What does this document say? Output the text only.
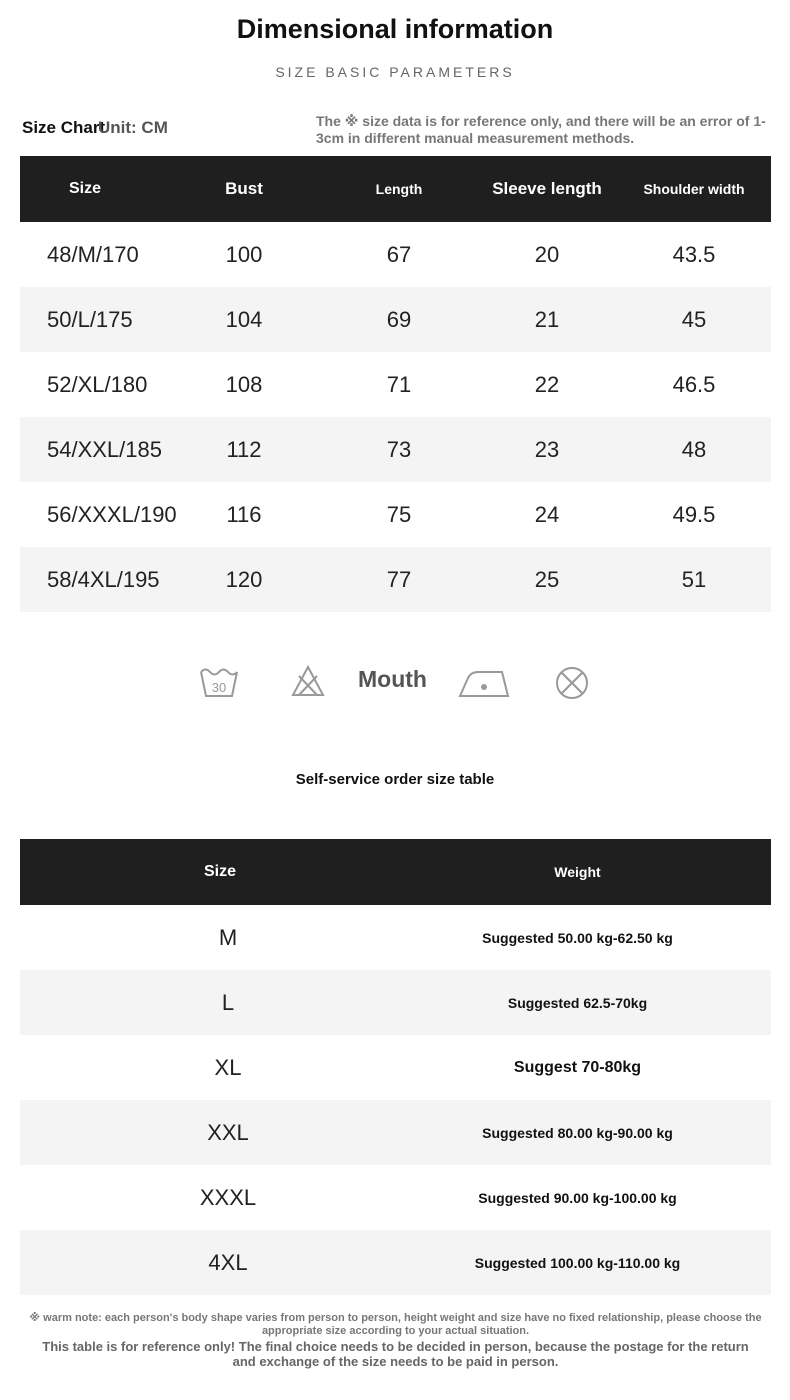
Dimensional information
SIZE BASIC PARAMETERS
Size Chart
Unit: CM	The ※ size data is for reference only, and there will be an error of 1-3cm in different manual measurement methods.
Size	Bust	Length	Sleeve length	Shoulder width
48/M/170	100	67	20	43.5
50/L/175	104	69	21	45
52/XL/180	108	71	22	46.5
54/XXL/185	112	73	23	48
56/XXXL/190	116	75	24	49.5
58/4XL/195	120	77	25	51
30	Mouth
Self-service order size table
Size	Weight
M	Suggested 50.00 kg-62.50 kg
L	Suggested 62.5-70kg
XL	Suggest 70-80kg
XXL	Suggested 80.00 kg-90.00 kg
XXXL	Suggested 90.00 kg-100.00 kg
4XL	Suggested 100.00 kg-110.00 kg
※ warm note: each person's body shape varies from person to person, height weight and size have no fixed relationship, please choose the appropriate size according to your actual situation.
This table is for reference only! The final choice needs to be decided in person, because the postage for the return and exchange of the size needs to be paid in person.
